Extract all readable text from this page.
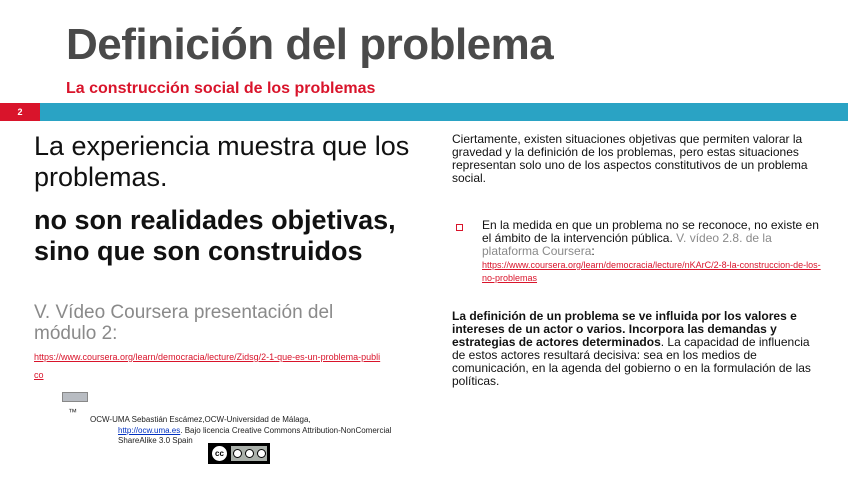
Definición del problema
La construcción social de los problemas
2
La experiencia muestra que los problemas.
no son realidades objetivas, sino que son construidos
V. Vídeo Coursera presentación del módulo 2:
https://www.coursera.org/learn/democracia/lecture/Zidsg/2-1-que-es-un-problema-publico
™
OCW-UMA Sebastián Escámez,OCW-Universidad de Málaga,
http://ocw.uma.es. Bajo licencia Creative Commons Attribution-NonComercial
ShareAlike 3.0 Spain
cc
Ciertamente, existen situaciones objetivas que permiten valorar la gravedad y la definición de los problemas, pero estas situaciones representan solo uno de los aspectos constitutivos de un problema social.
En la medida en que un problema no se reconoce, no existe en el ámbito de la intervención pública. V. vídeo 2.8. de la plataforma Coursera:
https://www.coursera.org/learn/democracia/lecture/nKArC/2-8-la-construccion-de-los-no-problemas
La definición de un problema se ve influida por los valores e intereses de un actor o varios. Incorpora las demandas y estrategias de actores determinados. La capacidad de influencia de estos actores resultará decisiva: sea en los medios de comunicación, en la agenda del gobierno o en la formulación de las políticas.
